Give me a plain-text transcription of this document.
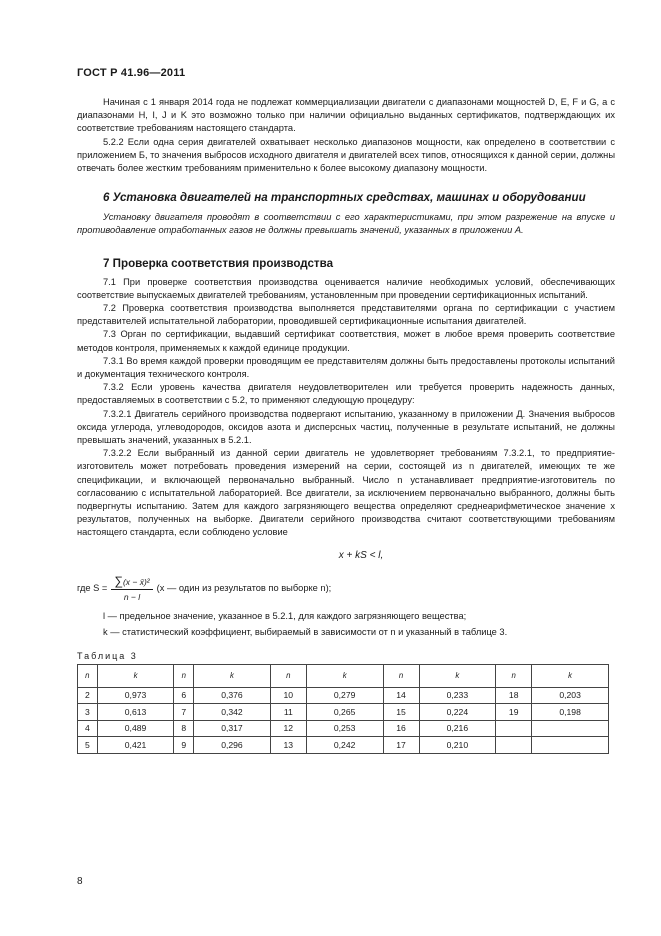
ГОСТ Р 41.96—2011

Начиная с 1 января 2014 года не подлежат коммерциализации двигатели с диапазонами мощностей D, E, F и G, а с диапазонами H, I, J и K это возможно только при наличии официально выданных сертификатов, подтверждающих их соответствие требованиям настоящего стандарта.

5.2.2 Если одна серия двигателей охватывает несколько диапазонов мощности, как определено в соответствии с приложением Б, то значения выбросов исходного двигателя и двигателей всех типов, относящихся к данной серии, должны отвечать более жестким требованиям применительно к более высокому диапазону мощности.

6 Установка двигателей на транспортных средствах, машинах и оборудовании

Установку двигателя проводят в соответствии с его характеристиками, при этом разрежение на впуске и противодавление отработанных газов не должны превышать значений, указанных в приложении А.

7 Проверка соответствия производства

7.1 При проверке соответствия производства оценивается наличие необходимых условий, обеспечивающих соответствие выпускаемых двигателей требованиям, установленным при проведении сертификационных испытаний.

7.2 Проверка соответствия производства выполняется представителями органа по сертификации с участием представителей испытательной лаборатории, проводившей сертификационные испытания двигателей.

7.3 Орган по сертификации, выдавший сертификат соответствия, может в любое время проверить соответствие методов контроля, применяемых к каждой единице продукции.

7.3.1 Во время каждой проверки проводящим ее представителям должны быть предоставлены протоколы испытаний и документация технического контроля.

7.3.2 Если уровень качества двигателя неудовлетворителен или требуется проверить надежность данных, предоставляемых в соответствии с 5.2, то применяют следующую процедуру:

7.3.2.1 Двигатель серийного производства подвергают испытанию, указанному в приложении Д. Значения выбросов оксида углерода, углеводородов, оксидов азота и дисперсных частиц, полученные в результате испытаний, не должны превышать значений, указанных в 5.2.1.

7.3.2.2 Если выбранный из данной серии двигатель не удовлетворяет требованиям 7.3.2.1, то предприятие-изготовитель может потребовать проведения измерений на серии, состоящей из n двигателей, имеющих те же спецификации, и включающей первоначально выбранный. Число n устанавливает предприятие-изготовитель по согласованию с испытательной лабораторией. Все двигатели, за исключением первоначально выбранного, должны быть подвергнуты испытанию. Затем для каждого загрязняющего вещества определяют среднеарифметическое значение x результатов, полученных на выборке. Двигатели серийного производства считают соответствующими требованиям настоящего стандарта, если соблюдено условие

x + kS < l,
где $S = \frac{\text{∑(x − x̄)²}}{n - l} (x$ — один из результатов по выборке n);
l — предельное значение, указанное в 5.2.1, для каждого загрязняющего вещества;
k — статистический коэффициент, выбираемый в зависимости от n и указанный в таблице 3.
Таблица 3
n	k	n	k	n	k	n	k	n	k
2	0,973	6	0,376	10	0,279	14	0,233	18	0,203
3	0,613	7	0,342	11	0,265	15	0,224	19	0,198
4	0,489	8	0,317	12	0,253	16	0,216		
5	0,421	9	0,296	13	0,242	17	0,210		
8
